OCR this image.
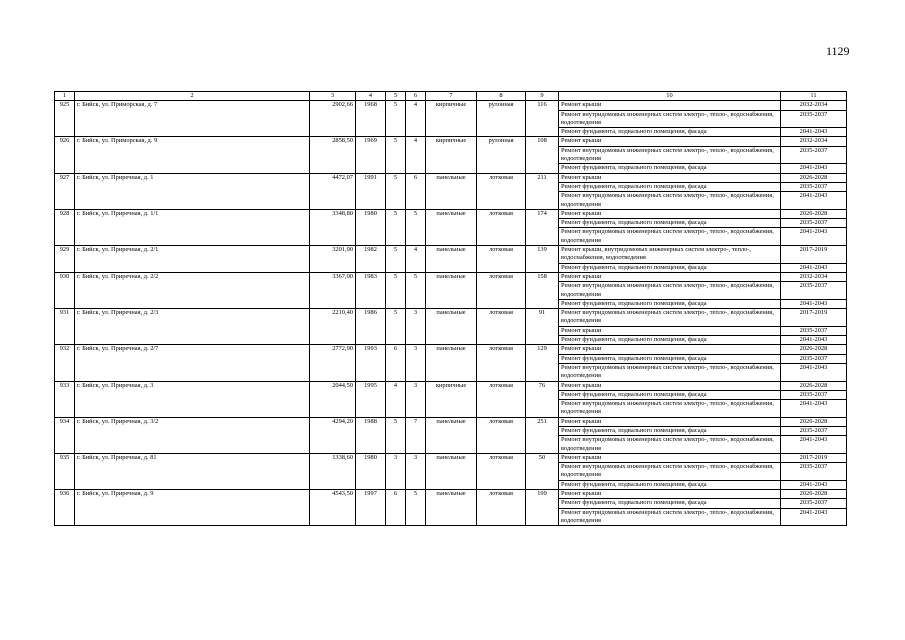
1129
1	2	3	4	5	6	7	8	9	10	11
925	г. Бийск, ул. Приморская, д. 7	2902,66	1968	5	4	кирпичные	рулонная	116	Ремонт крыши	2032-2034
									Ремонт внутридомовых инженерных систем электро-, тепло-, водоснабжения, водоотведения	2035-2037
									Ремонт фундамента, подвального помещения, фасада	2041-2043
926	г. Бийск, ул. Приморская, д. 9	2858,50	1969	5	4	кирпичные	рулонная	108	Ремонт крыши	2032-2034
									Ремонт внутридомовых инженерных систем электро-, тепло-, водоснабжения, водоотведения	2035-2037
									Ремонт фундамента, подвального помещения, фасада	2041-2043
927	г. Бийск, ул. Приречная, д. 1	4472,07	1991	5	6	панельные	лотковая	211	Ремонт крыши	2026-2028
									Ремонт фундамента, подвального помещения, фасада	2035-2037
									Ремонт внутридомовых инженерных систем электро-, тепло-, водоснабжения, водоотведения	2041-2043
928	г. Бийск, ул. Приречная, д. 1/1	3348,80	1980	5	5	панельные	лотковая	174	Ремонт крыши	2026-2028
									Ремонт фундамента, подвального помещения, фасада	2035-2037
									Ремонт внутридомовых инженерных систем электро-, тепло-, водоснабжения, водоотведения	2041-2043
929	г. Бийск, ул. Приречная, д. 2/1	3201,90	1982	5	4	панельные	лотковая	139	Ремонт крыши, внутридомовых инженерных систем электро-, тепло-, водоснабжения, водоотведения	2017-2019
									Ремонт фундамента, подвального помещения, фасада	2041-2043
930	г. Бийск, ул. Приречная, д. 2/2	3367,00	1983	5	5	панельные	лотковая	158	Ремонт крыши	2032-2034
									Ремонт внутридомовых инженерных систем электро-, тепло-, водоснабжения, водоотведения	2035-2037
									Ремонт фундамента, подвального помещения, фасада	2041-2043
931	г. Бийск, ул. Приречная, д. 2/3	2210,40	1986	5	3	панельные	лотковая	91	Ремонт внутридомовых инженерных систем электро-, тепло-, водоснабжения, водоотведения	2017-2019
									Ремонт крыши	2035-2037
									Ремонт фундамента, подвального помещения, фасада	2041-2043
932	г. Бийск, ул. Приречная, д. 2/7	2772,90	1993	6	3	панельные	лотковая	129	Ремонт крыши	2026-2028
									Ремонт фундамента, подвального помещения, фасада	2035-2037
									Ремонт внутридомовых инженерных систем электро-, тепло-, водоснабжения, водоотведения	2041-2043
933	г. Бийск, ул. Приречная, д. 3	2044,50	1995	4	3	кирпичные	лотковая	76	Ремонт крыши	2026-2028
									Ремонт фундамента, подвального помещения, фасада	2035-2037
									Ремонт внутридомовых инженерных систем электро-, тепло-, водоснабжения, водоотведения	2041-2043
934	г. Бийск, ул. Приречная, д. 3/2	4294,20	1988	5	7	панельные	лотковая	251	Ремонт крыши	2026-2028
									Ремонт фундамента, подвального помещения, фасада	2035-2037
									Ремонт внутридомовых инженерных систем электро-, тепло-, водоснабжения, водоотведения	2041-2043
935	г. Бийск, ул. Приречная, д. 81	1338,60	1980	3	3	панельные	лотковая	50	Ремонт крыши	2017-2019
									Ремонт внутридомовых инженерных систем электро-, тепло-, водоснабжения, водоотведения	2035-2037
									Ремонт фундамента, подвального помещения, фасада	2041-2043
936	г. Бийск, ул. Приречная, д. 9	4543,50	1997	6	5	панельные	лотковая	199	Ремонт крыши	2026-2028
									Ремонт фундамента, подвального помещения, фасада	2035-2037
									Ремонт внутридомовых инженерных систем электро-, тепло-, водоснабжения, водоотведения	2041-2043
